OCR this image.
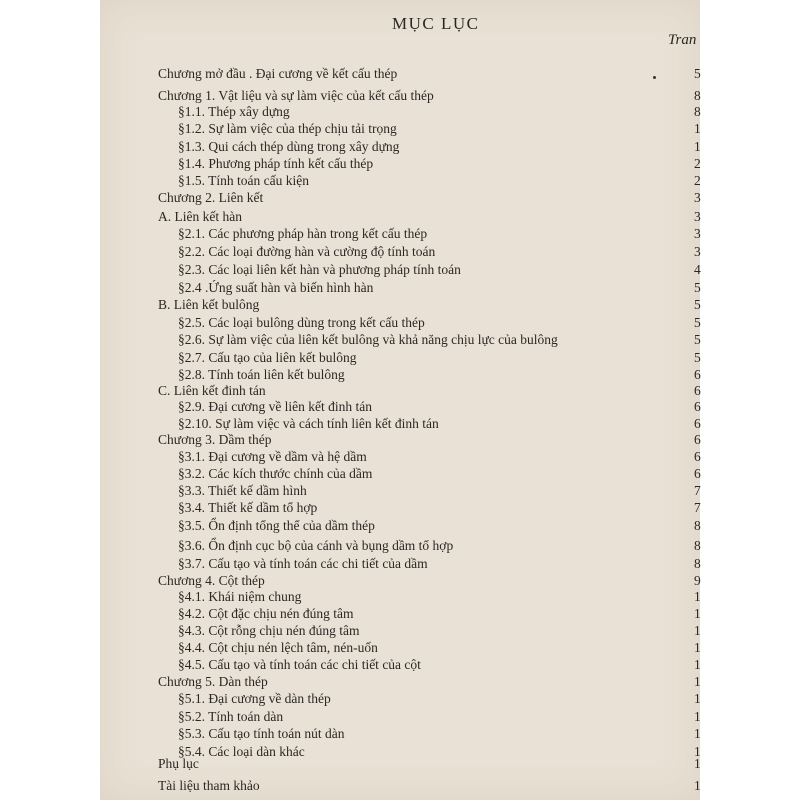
MỤC LỤC
Tran
Chương mở đầu . Đại cương về kết cấu thép	5
Chương 1. Vật liệu và sự làm việc của kết cấu thép	8
§1.1. Thép xây dựng	8
§1.2. Sự làm việc của thép chịu tải trọng	1
§1.3. Qui cách thép dùng trong xây dựng	1
§1.4. Phương pháp tính kết cấu thép	2
§1.5. Tính toán cấu kiện	2
Chương 2. Liên kết	3
A. Liên kết hàn	3
§2.1. Các phương pháp hàn trong kết cấu thép	3
§2.2. Các loại đường hàn và cường độ tính toán	3
§2.3. Các loại liên kết hàn và phương pháp tính toán	4
§2.4 .Ứng suất hàn và biến hình hàn	5
B. Liên kết bulông	5
§2.5. Các loại bulông dùng trong kết cấu thép	5
§2.6. Sự làm việc của liên kết bulông và khả năng chịu lực của bulông	5
§2.7. Cấu tạo của liên kết bulông	5
§2.8. Tính toán liên kết bulông	6
C. Liên kết đinh tán	6
§2.9. Đại cương về liên kết đinh tán	6
§2.10. Sự làm việc và cách tính liên kết đinh tán	6
Chương 3. Dầm thép	6
§3.1. Đại cương về dầm và hệ dầm	6
§3.2. Các kích thước chính của dầm	6
§3.3. Thiết kế dầm hình	7
§3.4. Thiết kế dầm tổ hợp	7
§3.5. Ổn định tổng thể của dầm thép	8
§3.6. Ổn định cục bộ của cánh và bụng dầm tổ hợp	8
§3.7. Cấu tạo và tính toán các chi tiết của dầm	8
Chương 4. Cột thép	9
§4.1. Khái niệm chung	1
§4.2. Cột đặc chịu nén đúng tâm	1
§4.3. Cột rỗng chịu nén đúng tâm	1
§4.4. Cột chịu nén lệch tâm, nén-uốn	1
§4.5. Cấu tạo và tính toán các chi tiết của cột	1
Chương 5. Dàn thép	1
§5.1. Đại cương về dàn thép	1
§5.2. Tính toán dàn	1
§5.3. Cấu tạo tính toán nút dàn	1
§5.4. Các loại dàn khác	1
Phụ lục	1
Tài liệu tham khảo	1
